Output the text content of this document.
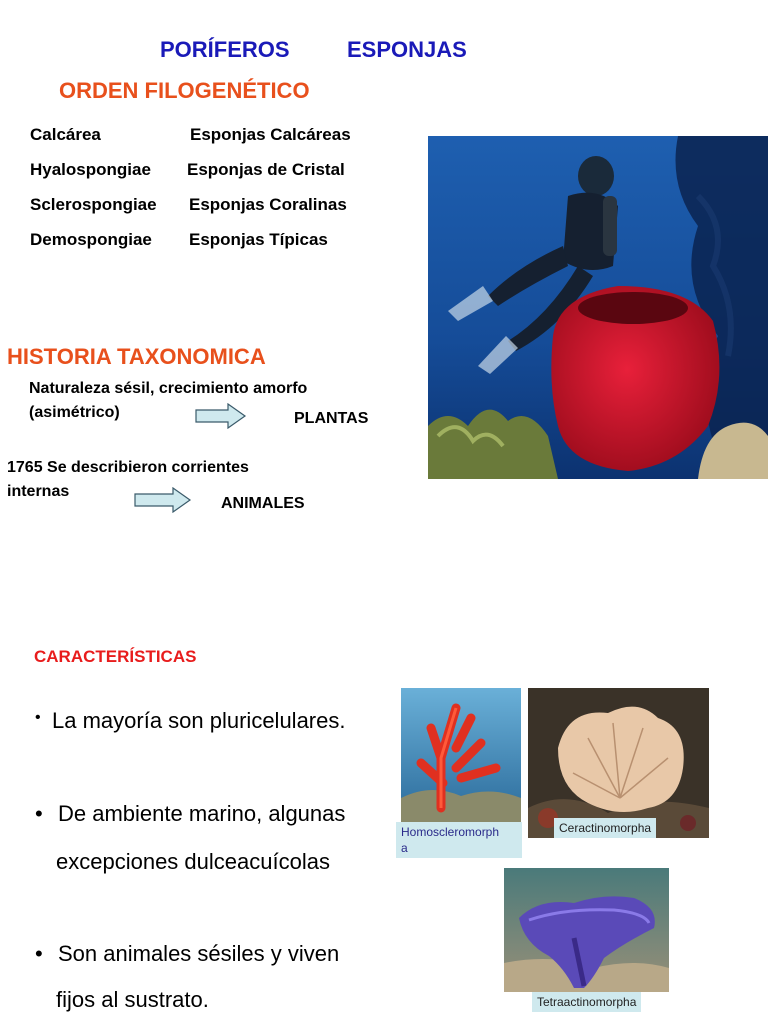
PORÍFEROS	ESPONJAS
ORDEN FILOGENÉTICO
Calcárea	Esponjas Calcáreas
Hyalospongiae Esponjas de Cristal
Sclerospongiae Esponjas Coralinas
Demospongiae Esponjas Típicas
HISTORIA TAXONOMICA
Naturaleza sésil, crecimiento amorfo
(asimétrico)	PLANTAS
1765 Se describieron corrientes
internas
ANIMALES
CARACTERÍSTICAS
• La mayoría son pluricelulares.
• De ambiente marino, algunas
excepciones dulceacuícolas
• Son animales sésiles y viven
fijos al sustrato.
Homoscleromorph
a
Ceractinomorpha
Tetraactinomorpha
